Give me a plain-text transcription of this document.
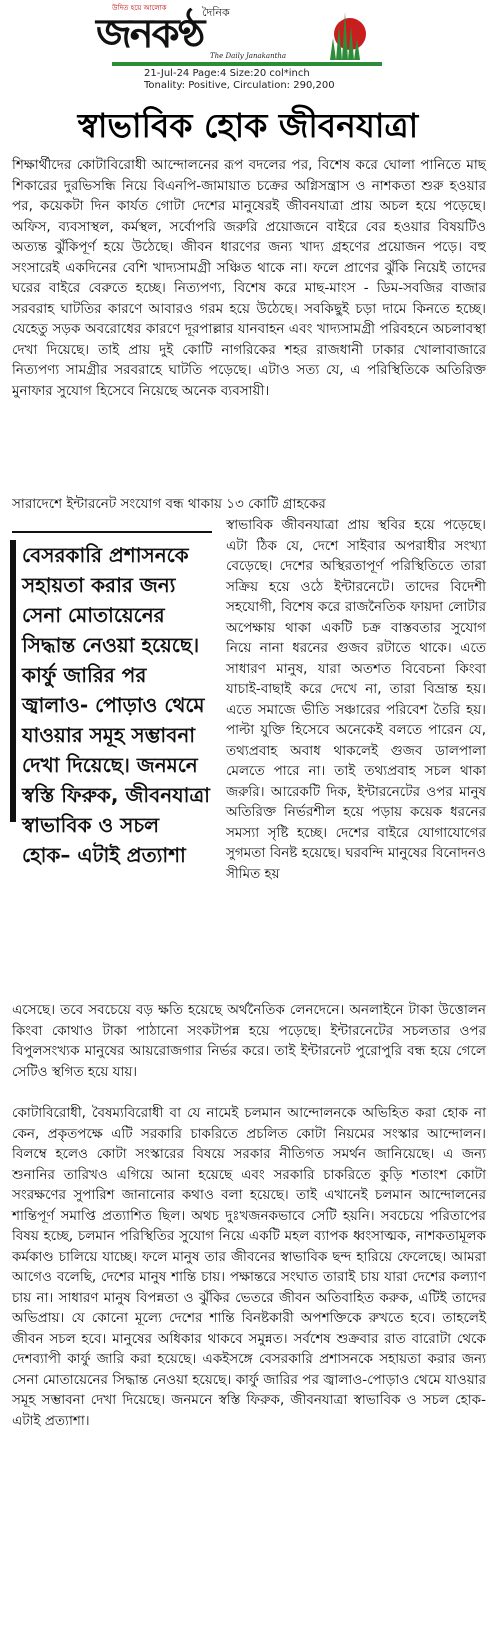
উদিত হয়ে আলোক	দৈনিক
জনকণ্ঠ The Daily Janakantha
21-Jul-24 Page:4 Size:20 col*inch
Tonality: Positive, Circulation: 290,200
স্বাভাবিক হোক জীবনযাত্রা
শিক্ষার্থীদের কোটাবিরোধী আন্দোলনের রূপ বদলের পর, বিশেষ করে ঘোলা পানিতে মাছ শিকারের দুরভিসন্ধি নিয়ে বিএনপি-জামায়াত চক্রের অগ্নিসন্ত্রাস ও নাশকতা শুরু হওয়ার পর, কয়েকটা দিন কার্যত গোটা দেশের মানুষেরই জীবনযাত্রা প্রায় অচল হয়ে পড়েছে। অফিস, ব্যবসাস্থল, কর্মস্থল, সর্বোপরি জরুরি প্রয়োজনে বাইরে বের হওয়ার বিষয়টিও অত্যন্ত ঝুঁকিপূর্ণ হয়ে উঠেছে। জীবন ধারণের জন্য খাদ্য গ্রহণের প্রয়োজন পড়ে। বহু সংসারেই একদিনের বেশি খাদ্যসামগ্রী সঞ্চিত থাকে না। ফলে প্রাণের ঝুঁকি নিয়েই তাদের ঘরের বাইরে বেরুতে হচ্ছে। নিত্যপণ্য, বিশেষ করে মাছ-মাংস - ডিম-সবজির বাজার সরবরাহ ঘাটতির কারণে আবারও গরম হয়ে উঠেছে। সবকিছুই চড়া দামে কিনতে হচ্ছে। যেহেতু সড়ক অবরোধের কারণে দূরপাল্লার যানবাহন এবং খাদ্যসামগ্রী পরিবহনে অচলাবস্থা দেখা দিয়েছে। তাই প্রায় দুই কোটি নাগরিকের শহর রাজধানী ঢাকার খোলাবাজারে নিত্যপণ্য সামগ্রীর সরবরাহে ঘাটতি পড়েছে। এটাও সত্য যে, এ পরিস্থিতিকে অতিরিক্ত মুনাফার সুযোগ হিসেবে নিয়েছে অনেক ব্যবসায়ী।
সারাদেশে ইন্টারনেট সংযোগ বন্ধ থাকায় ১৩ কোটি গ্রাহকের
বেসরকারি প্রশাসনকে সহায়তা করার জন্য সেনা মোতায়েনের সিদ্ধান্ত নেওয়া হয়েছে। কার্ফু জারির পর জ্বালাও- পোড়াও থেমে যাওয়ার সমূহ সম্ভাবনা দেখা দিয়েছে। জনমনে স্বস্তি ফিরুক, জীবনযাত্রা স্বাভাবিক ও সচল হোক– এটাই প্রত্যাশা
স্বাভাবিক জীবনযাত্রা প্রায় স্থবির হয়ে পড়েছে। এটা ঠিক যে, দেশে সাইবার অপরাধীর সংখ্যা বেড়েছে। দেশের অস্থিরতাপূর্ণ পরিস্থিতিতে তারা সক্রিয় হয়ে ওঠে ইন্টারনেটে। তাদের বিদেশী সহযোগী, বিশেষ করে রাজনৈতিক ফায়দা লোটার অপেক্ষায় থাকা একটি চক্র বাস্তবতার সুযোগ নিয়ে নানা ধরনের গুজব রটাতে থাকে। এতে সাধারণ মানুষ, যারা অতশত বিবেচনা কিংবা যাচাই-বাছাই করে দেখে না, তারা বিভ্রান্ত হয়। এতে সমাজে ভীতি সঞ্চারের পরিবেশ তৈরি হয়। পাল্টা যুক্তি হিসেবে অনেকেই বলতে পারেন যে, তথ্যপ্রবাহ অবাধ থাকলেই গুজব ডালপালা মেলতে পারে না। তাই তথ্যপ্রবাহ সচল থাকা জরুরি। আরেকটি দিক, ইন্টারনেটের ওপর মানুষ অতিরিক্ত নির্ভরশীল হয়ে পড়ায় কয়েক ধরনের সমস্যা সৃষ্টি হচ্ছে। দেশের বাইরে যোগাযোগের সুগমতা বিনষ্ট হয়েছে। ঘরবন্দি মানুষের বিনোদনও সীমিত হয়
এসেছে। তবে সবচেয়ে বড় ক্ষতি হয়েছে অর্থনৈতিক লেনদেনে। অনলাইনে টাকা উত্তোলন কিংবা কোথাও টাকা পাঠানো সংকটাপন্ন হয়ে পড়েছে। ইন্টারনেটের সচলতার ওপর বিপুলসংখ্যক মানুষের আয়রোজগার নির্ভর করে। তাই ইন্টারনেট পুরোপুরি বন্ধ হয়ে গেলে সেটিও স্থগিত হয়ে যায়।
কোটাবিরোধী, বৈষম্যবিরোধী বা যে নামেই চলমান আন্দোলনকে অভিহিত করা হোক না কেন, প্রকৃতপক্ষে এটি সরকারি চাকরিতে প্রচলিত কোটা নিয়মের সংস্কার আন্দোলন। বিলম্বে হলেও কোটা সংস্কারের বিষয়ে সরকার নীতিগত সমর্থন জানিয়েছে। এ জন্য শুনানির তারিখও এগিয়ে আনা হয়েছে এবং সরকারি চাকরিতে কুড়ি শতাংশ কোটা সংরক্ষণের সুপারিশ জানানোর কথাও বলা হয়েছে। তাই এখানেই চলমান আন্দোলনের শান্তিপূর্ণ সমাপ্তি প্রত্যাশিত ছিল। অথচ দুঃখজনকভাবে সেটি হয়নি। সবচেয়ে পরিতাপের বিষয় হচ্ছে, চলমান পরিস্থিতির সুযোগ নিয়ে একটি মহল ব্যাপক ধ্বংসাত্মক, নাশকতামূলক কর্মকাণ্ড চালিয়ে যাচ্ছে। ফলে মানুষ তার জীবনের স্বাভাবিক ছন্দ হারিয়ে ফেলেছে। আমরা আগেও বলেছি, দেশের মানুষ শান্তি চায়। পক্ষান্তরে সংঘাত তারাই চায় যারা দেশের কল্যাণ চায় না। সাধারণ মানুষ বিপন্নতা ও ঝুঁকির ভেতরে জীবন অতিবাহিত করুক, এটিই তাদের অভিপ্রায়। যে কোনো মূল্যে দেশের শান্তি বিনষ্টকারী অপশক্তিকে রুখতে হবে। তাহলেই জীবন সচল হবে। মানুষের অধিকার থাকবে সমুন্নত। সর্বশেষ শুক্রবার রাত বারোটা থেকে দেশব্যাপী কার্ফু জারি করা হয়েছে। একইসঙ্গে বেসরকারি প্রশাসনকে সহায়তা করার জন্য সেনা মোতায়েনের সিদ্ধান্ত নেওয়া হয়েছে। কার্ফু জারির পর জ্বালাও-পোড়াও থেমে যাওয়ার সমূহ সম্ভাবনা দেখা দিয়েছে। জনমনে স্বস্তি ফিরুক, জীবনযাত্রা স্বাভাবিক ও সচল হোক- এটাই প্রত্যাশা।
